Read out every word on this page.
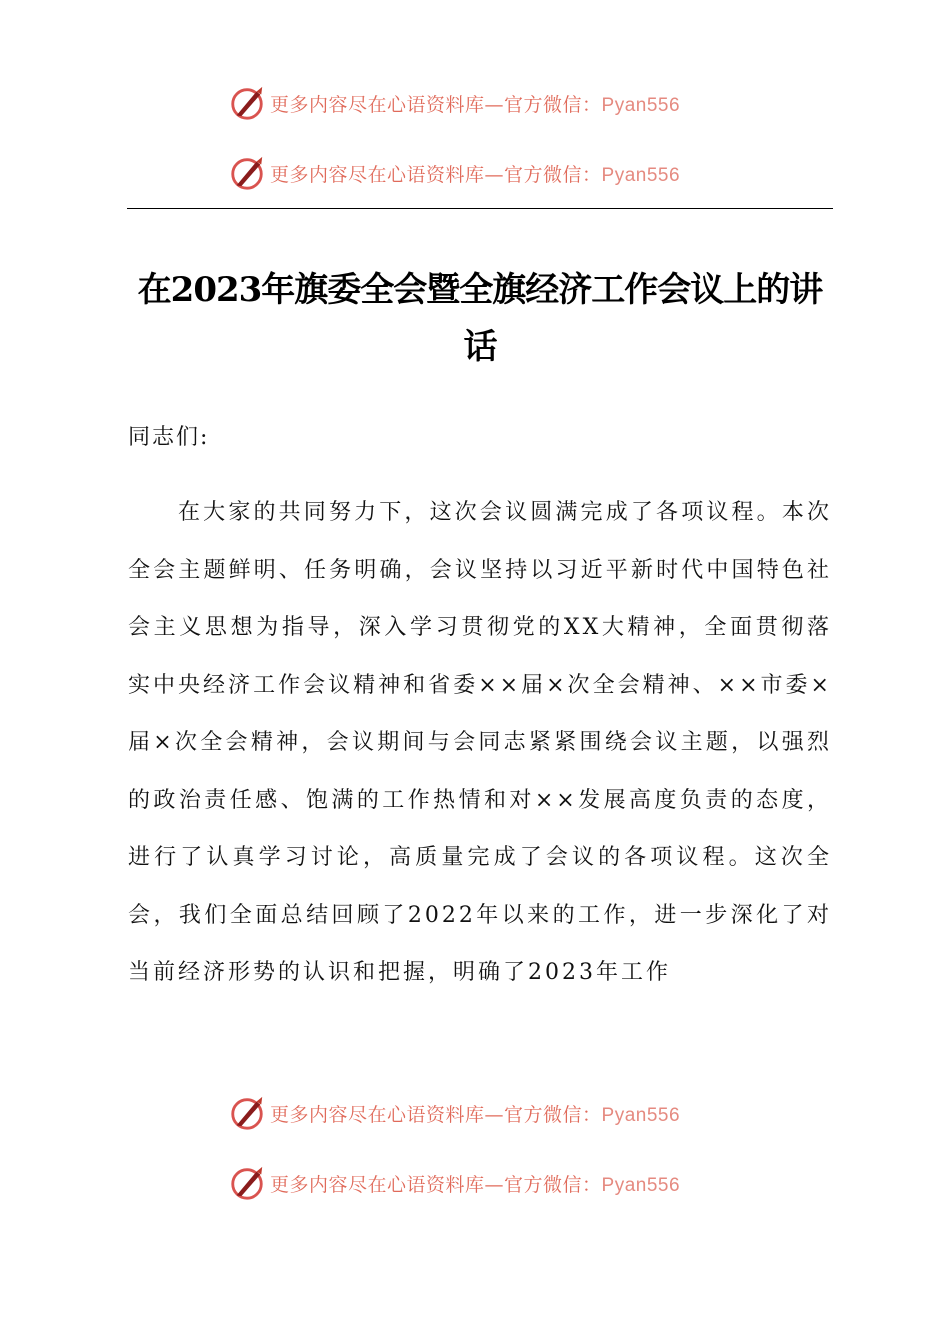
更多内容尽在心语资料库—官方微信：Pyan556
更多内容尽在心语资料库—官方微信：Pyan556
在2023年旗委全会暨全旗经济工作会议上的讲话

同志们:

在大家的共同努力下，这次会议圆满完成了各项议程。本次全会主题鲜明、任务明确，会议坚持以习近平新时代中国特色社会主义思想为指导，深入学习贯彻党的XX大精神，全面贯彻落实中央经济工作会议精神和省委××届×次全会精神、××市委×届×次全会精神，会议期间与会同志紧紧围绕会议主题，以强烈的政治责任感、饱满的工作热情和对××发展高度负责的态度，进行了认真学习讨论，高质量完成了会议的各项议程。这次全会，我们全面总结回顾了2022年以来的工作，进一步深化了对当前经济形势的认识和把握，明确了2023年工作

更多内容尽在心语资料库—官方微信：Pyan556
更多内容尽在心语资料库—官方微信：Pyan556
